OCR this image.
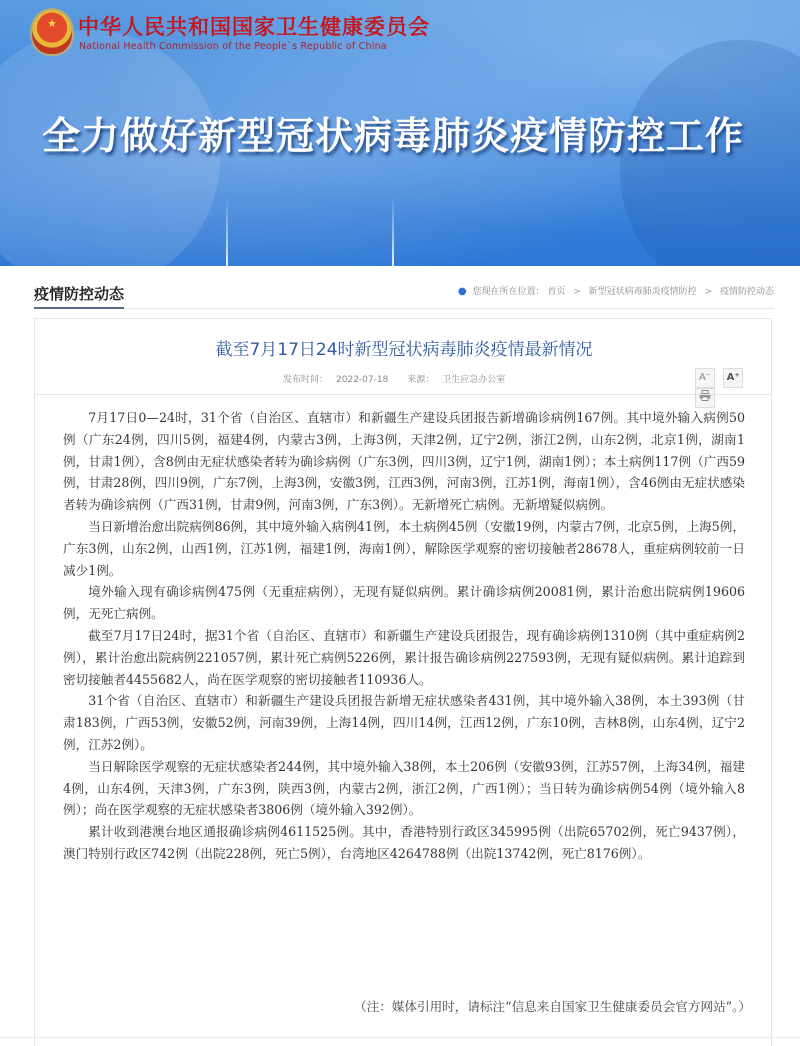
★ 中华人民共和国国家卫生健康委员会
National Health Commission of the People`s Republic of China
全力做好新型冠状病毒肺炎疫情防控工作
疫情防控动态	● 您现在所在位置： 首页 > 新型冠状病毒肺炎疫情防控 > 疫情防控动态
截至7月17日24时新型冠状病毒肺炎疫情最新情况
发布时间： 2022-07-18 来源： 卫生应急办公室	A⁻ A⁺

7月17日0—24时，31个省（自治区、直辖市）和新疆生产建设兵团报告新增确诊病例167例。其中境外输入病例50例（广东24例，四川5例，福建4例，内蒙古3例，上海3例，天津2例，辽宁2例，浙江2例，山东2例，北京1例，湖南1例，甘肃1例），含8例由无症状感染者转为确诊病例（广东3例，四川3例，辽宁1例，湖南1例）；本土病例117例（广西59例，甘肃28例，四川9例，广东7例，上海3例，安徽3例，江西3例，河南3例，江苏1例，海南1例），含46例由无症状感染者转为确诊病例（广西31例，甘肃9例，河南3例，广东3例）。无新增死亡病例。无新增疑似病例。

当日新增治愈出院病例86例，其中境外输入病例41例，本土病例45例（安徽19例，内蒙古7例，北京5例，上海5例，广东3例，山东2例，山西1例，江苏1例，福建1例，海南1例），解除医学观察的密切接触者28678人，重症病例较前一日减少1例。

境外输入现有确诊病例475例（无重症病例），无现有疑似病例。累计确诊病例20081例，累计治愈出院病例19606例，无死亡病例。

截至7月17日24时，据31个省（自治区、直辖市）和新疆生产建设兵团报告，现有确诊病例1310例（其中重症病例2例），累计治愈出院病例221057例，累计死亡病例5226例，累计报告确诊病例227593例，无现有疑似病例。累计追踪到密切接触者4455682人，尚在医学观察的密切接触者110936人。

31个省（自治区、直辖市）和新疆生产建设兵团报告新增无症状感染者431例，其中境外输入38例，本土393例（甘肃183例，广西53例，安徽52例，河南39例，上海14例，四川14例，江西12例，广东10例，吉林8例，山东4例，辽宁2例，江苏2例）。

当日解除医学观察的无症状感染者244例，其中境外输入38例，本土206例（安徽93例，江苏57例，上海34例，福建4例，山东4例，天津3例，广东3例，陕西3例，内蒙古2例，浙江2例，广西1例）；当日转为确诊病例54例（境外输入8例）；尚在医学观察的无症状感染者3806例（境外输入392例）。

累计收到港澳台地区通报确诊病例4611525例。其中，香港特别行政区345995例（出院65702例，死亡9437例），澳门特别行政区742例（出院228例，死亡5例），台湾地区4264788例（出院13742例，死亡8176例）。

（注：媒体引用时，请标注“信息来自国家卫生健康委员会官方网站”。）
